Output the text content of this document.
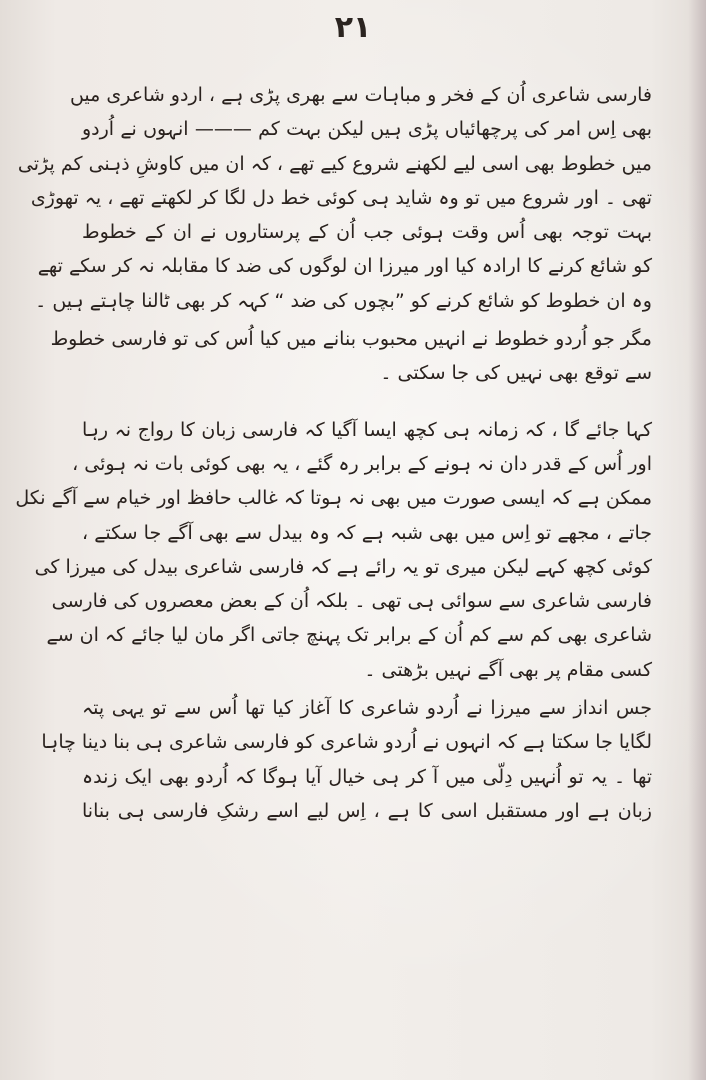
٢١
فارسی شاعری اُن کے فخر و مباہات سے بھری پڑی ہے ، اردو شاعری میں
بھی اِس امر کی پرچھائیاں پڑی ہیں لیکن بہت کم ——— انہوں نے اُردو
میں خطوط بھی اسی لیے لکھنے شروع کیے تھے ، کہ ان میں کاوشِ ذہنی کم پڑتی
تھی ۔ اور شروع میں تو وہ شاید ہی کوئی خط دل لگا کر لکھتے تھے ، یہ تھوڑی
بہت توجہ بھی اُس وقت ہوئی جب اُن کے پرستاروں نے ان کے خطوط
کو شائع کرنے کا ارادہ کیا اور میرزا ان لوگوں کی ضد کا مقابلہ نہ کر سکے تھے
وہ ان خطوط کو شائع کرنے کو ”بچوں کی ضد “ کہہ کر بھی ٹالنا چاہتے ہیں ۔
مگر جو اُردو خطوط نے انہیں محبوب بنانے میں کیا اُس کی تو فارسی خطوط
سے توقع بھی نہیں کی جا سکتی ۔
کہا جائے گا ، کہ زمانہ ہی کچھ ایسا آگیا کہ فارسی زبان کا رواج نہ رہا
اور اُس کے قدر دان نہ ہونے کے برابر رہ گئے ، یہ بھی کوئی بات نہ ہوئی ،
ممکن ہے کہ ایسی صورت میں بھی نہ ہوتا کہ غالب حافظ اور خیام سے آگے نکل
جاتے ، مجھے تو اِس میں بھی شبہ ہے کہ وہ بیدل سے بھی آگے جا سکتے ،
کوئی کچھ کہے لیکن میری تو یہ رائے ہے کہ فارسی شاعری بیدل کی میرزا کی
فارسی شاعری سے سوائی ہی تھی ۔ بلکہ اُن کے بعض معصروں کی فارسی
شاعری بھی کم سے کم اُن کے برابر تک پہنچ جاتی اگر مان لیا جائے کہ ان سے
کسی مقام پر بھی آگے نہیں بڑھتی ۔
جس انداز سے میرزا نے اُردو شاعری کا آغاز کیا تھا اُس سے تو یہی پتہ
لگایا جا سکتا ہے کہ انہوں نے اُردو شاعری کو فارسی شاعری ہی بنا دینا چاہا
تھا ۔ یہ تو اُنہیں دِلّی میں آ کر ہی خیال آیا ہوگا کہ اُردو بھی ایک زندہ
زبان ہے اور مستقبل اسی کا ہے ، اِس لیے اسے رشکِ فارسی ہی بنانا
